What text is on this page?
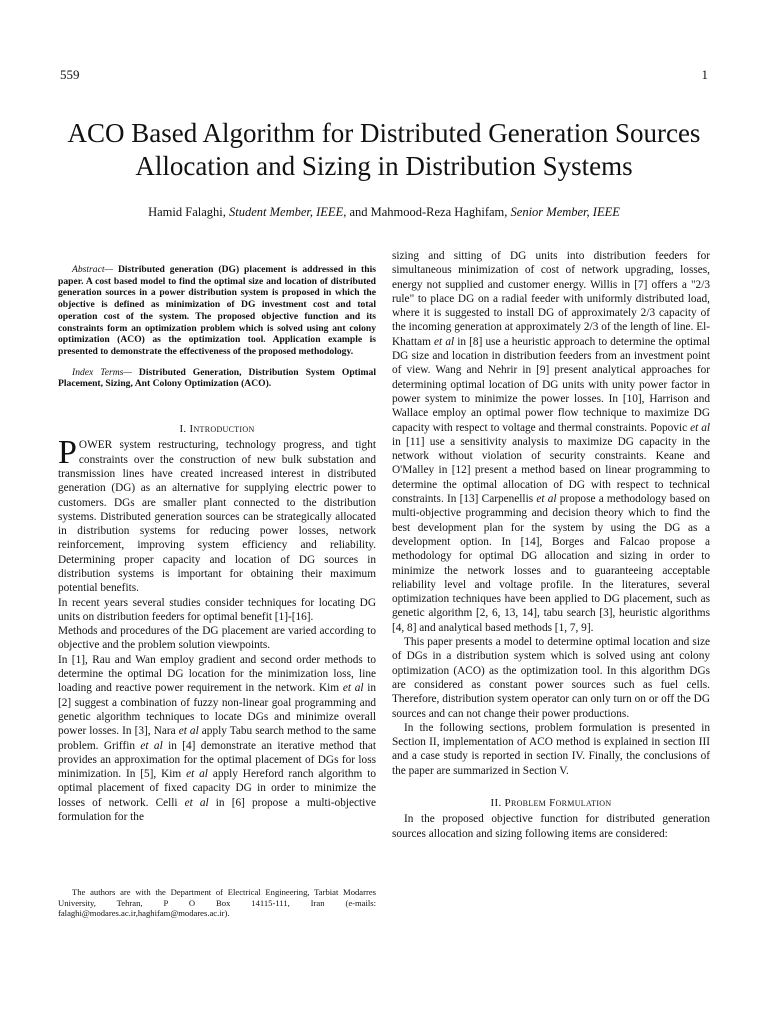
559	1
ACO Based Algorithm for Distributed Generation Sources Allocation and Sizing in Distribution Systems
Hamid Falaghi, Student Member, IEEE, and Mahmood-Reza Haghifam, Senior Member, IEEE

Abstract— Distributed generation (DG) placement is addressed in this paper. A cost based model to find the optimal size and location of distributed generation sources in a power distribution system is proposed in which the objective is defined as minimization of DG investment cost and total operation cost of the system. The proposed objective function and its constraints form an optimization problem which is solved using ant colony optimization (ACO) as the optimization tool. Application example is presented to demonstrate the effectiveness of the proposed methodology.

Index Terms— Distributed Generation, Distribution System Optimal Placement, Sizing, Ant Colony Optimization (ACO).

I. Introduction

POWER system restructuring, technology progress, and tight constraints over the construction of new bulk substation and transmission lines have created increased interest in distributed generation (DG) as an alternative for supplying electric power to customers. DGs are smaller plant connected to the distribution systems. Distributed generation sources can be strategically allocated in distribution systems for reducing power losses, network reinforcement, improving system efficiency and reliability. Determining proper capacity and location of DG sources in distribution systems is important for obtaining their maximum potential benefits.

In recent years several studies consider techniques for locating DG units on distribution feeders for optimal benefit [1]-[16].

Methods and procedures of the DG placement are varied according to objective and the problem solution viewpoints.

In [1], Rau and Wan employ gradient and second order methods to determine the optimal DG location for the minimization loss, line loading and reactive power requirement in the network. Kim et al in [2] suggest a combination of fuzzy non-linear goal programming and genetic algorithm techniques to locate DGs and minimize overall power losses. In [3], Nara et al apply Tabu search method to the same problem. Griffin et al in [4] demonstrate an iterative method that provides an approximation for the optimal placement of DGs for loss minimization. In [5], Kim et al apply Hereford ranch algorithm to optimal placement of fixed capacity DG in order to minimize the losses of network. Celli et al in [6] propose a multi-objective formulation for the

The authors are with the Department of Electrical Engineering, Tarbiat Modarres University, Tehran, P O Box 14115-111, Iran (e-mails: falaghi@modares.ac.ir,haghifam@modares.ac.ir).

sizing and sitting of DG units into distribution feeders for simultaneous minimization of cost of network upgrading, losses, energy not supplied and customer energy. Willis in [7] offers a "2/3 rule" to place DG on a radial feeder with uniformly distributed load, where it is suggested to install DG of approximately 2/3 capacity of the incoming generation at approximately 2/3 of the length of line. El-Khattam et al in [8] use a heuristic approach to determine the optimal DG size and location in distribution feeders from an investment point of view. Wang and Nehrir in [9] present analytical approaches for determining optimal location of DG units with unity power factor in power system to minimize the power losses. In [10], Harrison and Wallace employ an optimal power flow technique to maximize DG capacity with respect to voltage and thermal constraints. Popovic et al in [11] use a sensitivity analysis to maximize DG capacity in the network without violation of security constraints. Keane and O'Malley in [12] present a method based on linear programming to determine the optimal allocation of DG with respect to technical constraints. In [13] Carpenellis et al propose a methodology based on multi-objective programming and decision theory which to find the best development plan for the system by using the DG as a development option. In [14], Borges and Falcao propose a methodology for optimal DG allocation and sizing in order to minimize the network losses and to guaranteeing acceptable reliability level and voltage profile. In the literatures, several optimization techniques have been applied to DG placement, such as genetic algorithm [2, 6, 13, 14], tabu search [3], heuristic algorithms [4, 8] and analytical based methods [1, 7, 9].

This paper presents a model to determine optimal location and size of DGs in a distribution system which is solved using ant colony optimization (ACO) as the optimization tool. In this algorithm DGs are considered as constant power sources such as fuel cells. Therefore, distribution system operator can only turn on or off the DG sources and can not change their power productions.

In the following sections, problem formulation is presented in Section II, implementation of ACO method is explained in section III and a case study is reported in section IV. Finally, the conclusions of the paper are summarized in Section V.

II. Problem Formulation

In the proposed objective function for distributed generation sources allocation and sizing following items are considered:
